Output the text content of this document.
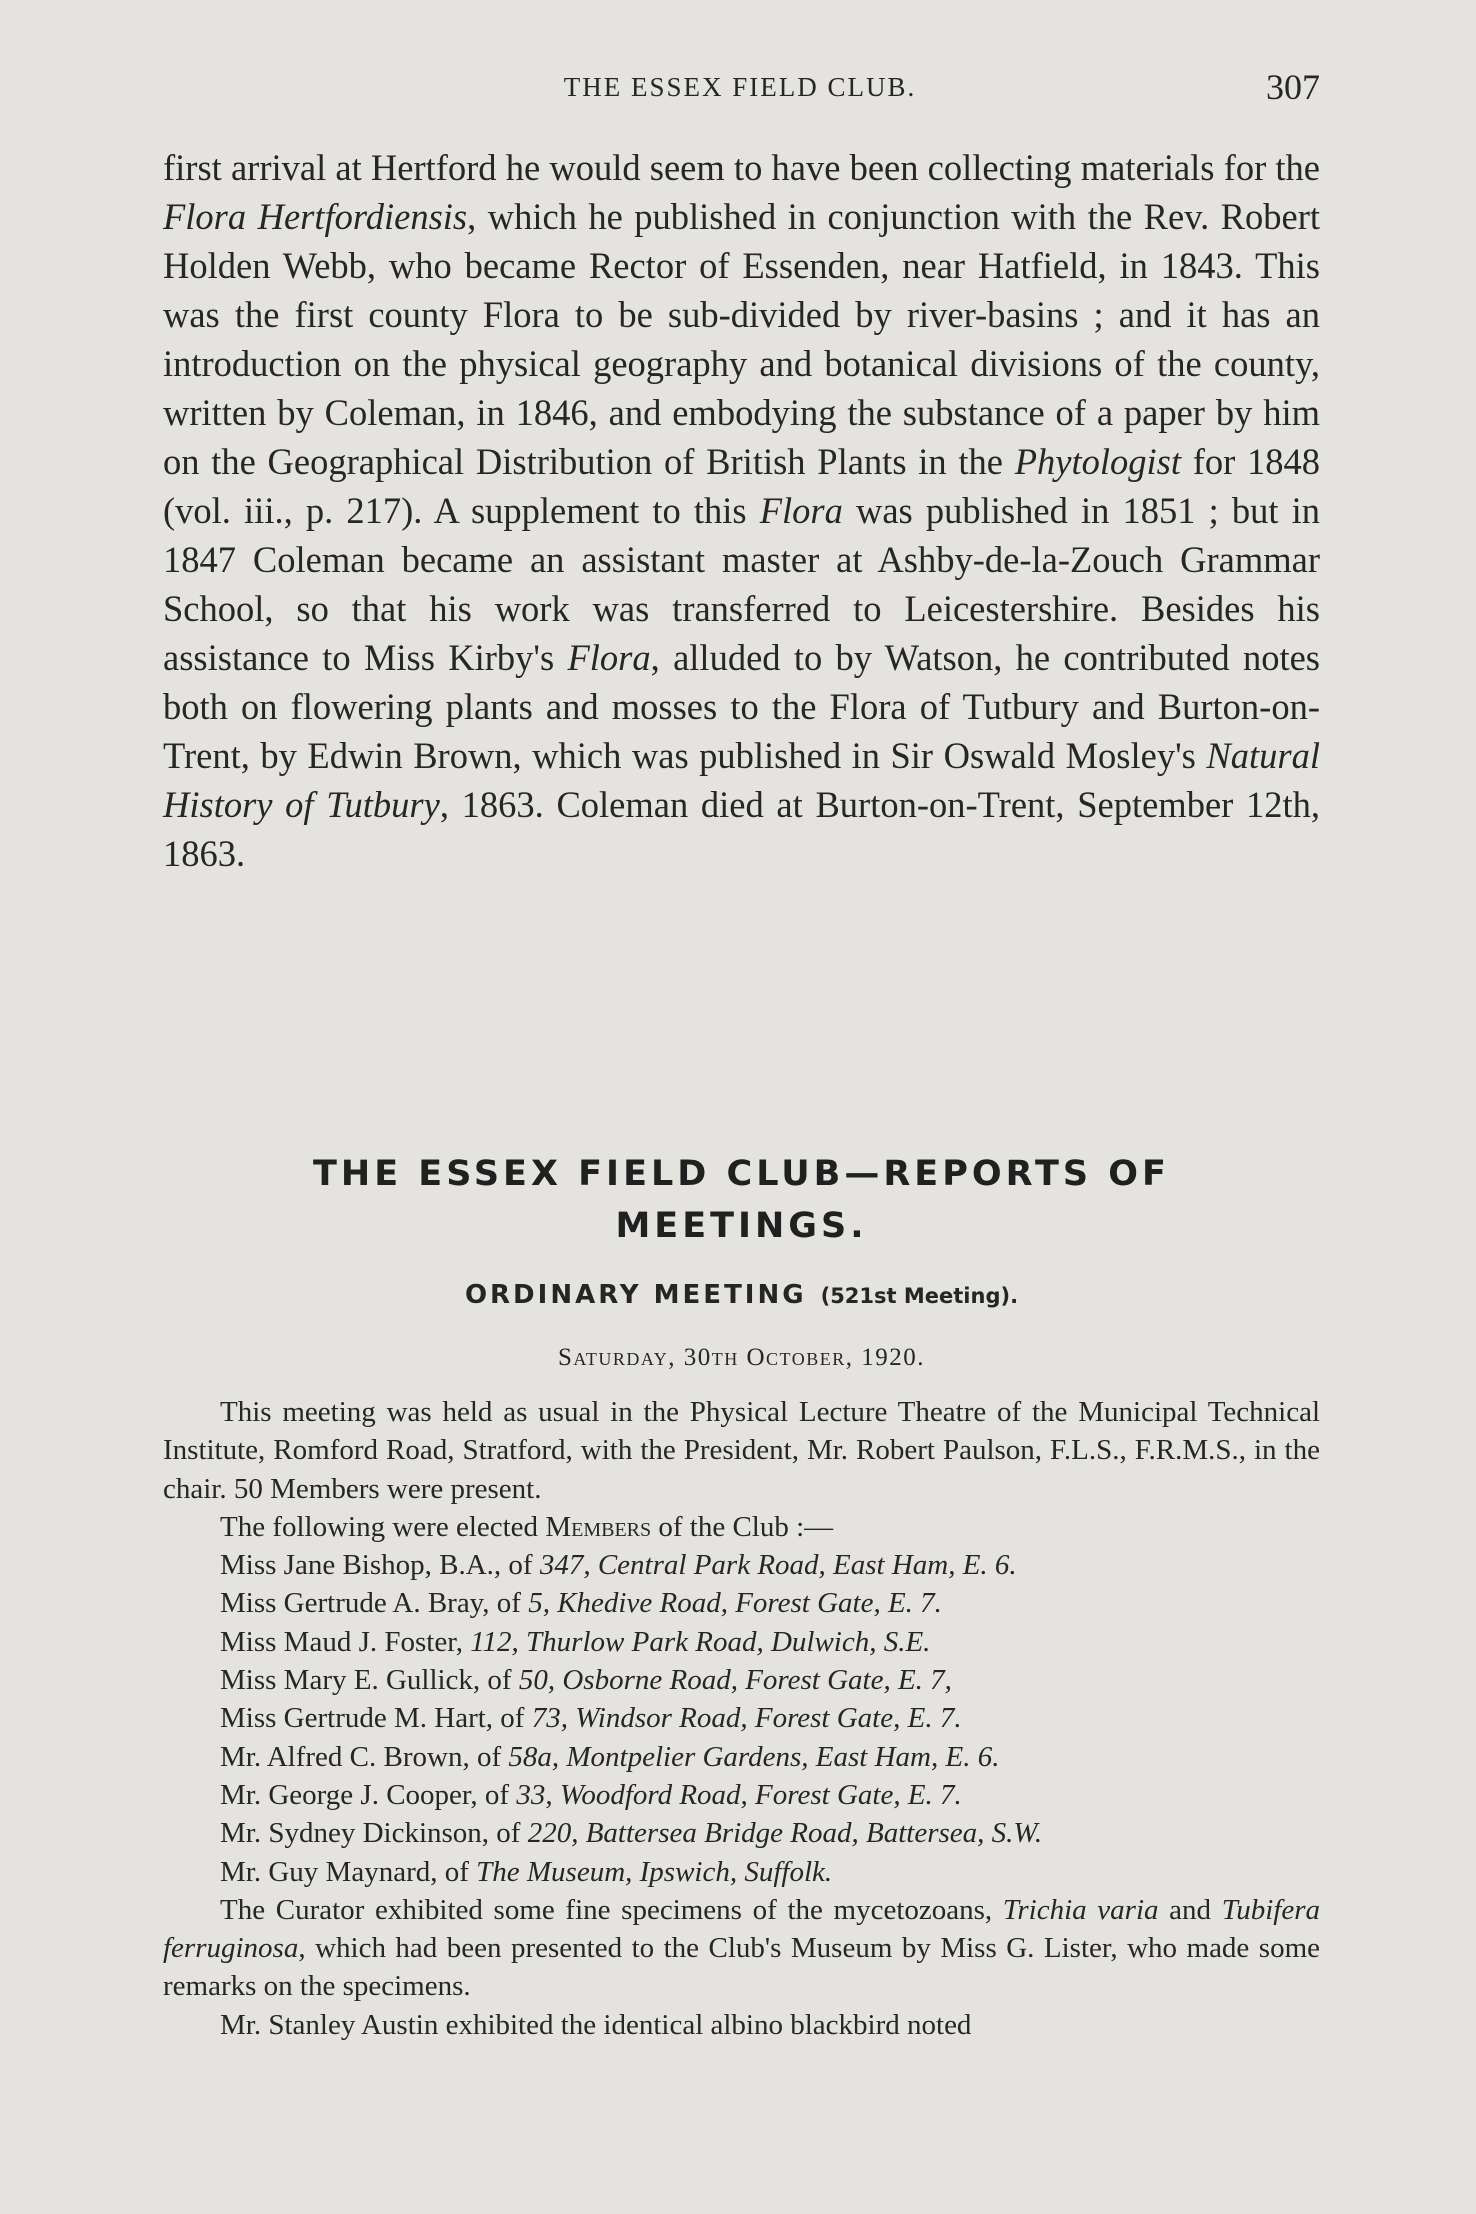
THE ESSEX FIELD CLUB.	307
first arrival at Hertford he would seem to have been collecting materials for the Flora Hertfordiensis, which he published in conjunction with the Rev. Robert Holden Webb, who became Rector of Essenden, near Hatfield, in 1843. This was the first county Flora to be sub-divided by river-basins ; and it has an introduction on the physical geography and botanical divisions of the county, written by Coleman, in 1846, and embodying the substance of a paper by him on the Geographical Distribution of British Plants in the Phytologist for 1848 (vol. iii., p. 217). A supplement to this Flora was published in 1851 ; but in 1847 Coleman became an assistant master at Ashby-de-la-Zouch Grammar School, so that his work was transferred to Leicestershire. Besides his assistance to Miss Kirby's Flora, alluded to by Watson, he contributed notes both on flowering plants and mosses to the Flora of Tutbury and Burton-on-Trent, by Edwin Brown, which was published in Sir Oswald Mosley's Natural History of Tutbury, 1863. Coleman died at Burton-on-Trent, September 12th, 1863.
THE ESSEX FIELD CLUB—REPORTS OF
MEETINGS.
ORDINARY MEETING (521st Meeting).
Saturday, 30th October, 1920.

This meeting was held as usual in the Physical Lecture Theatre of the Municipal Technical Institute, Romford Road, Stratford, with the President, Mr. Robert Paulson, F.L.S., F.R.M.S., in the chair. 50 Members were present.

The following were elected Members of the Club :—

Miss Jane Bishop, B.A., of 347, Central Park Road, East Ham, E. 6.
Miss Gertrude A. Bray, of 5, Khedive Road, Forest Gate, E. 7.
Miss Maud J. Foster, 112, Thurlow Park Road, Dulwich, S.E.
Miss Mary E. Gullick, of 50, Osborne Road, Forest Gate, E. 7,
Miss Gertrude M. Hart, of 73, Windsor Road, Forest Gate, E. 7.
Mr. Alfred C. Brown, of 58a, Montpelier Gardens, East Ham, E. 6.
Mr. George J. Cooper, of 33, Woodford Road, Forest Gate, E. 7.
Mr. Sydney Dickinson, of 220, Battersea Bridge Road, Battersea, S.W.
Mr. Guy Maynard, of The Museum, Ipswich, Suffolk.

The Curator exhibited some fine specimens of the mycetozoans, Trichia varia and Tubifera ferruginosa, which had been presented to the Club's Museum by Miss G. Lister, who made some remarks on the specimens.

Mr. Stanley Austin exhibited the identical albino blackbird noted
